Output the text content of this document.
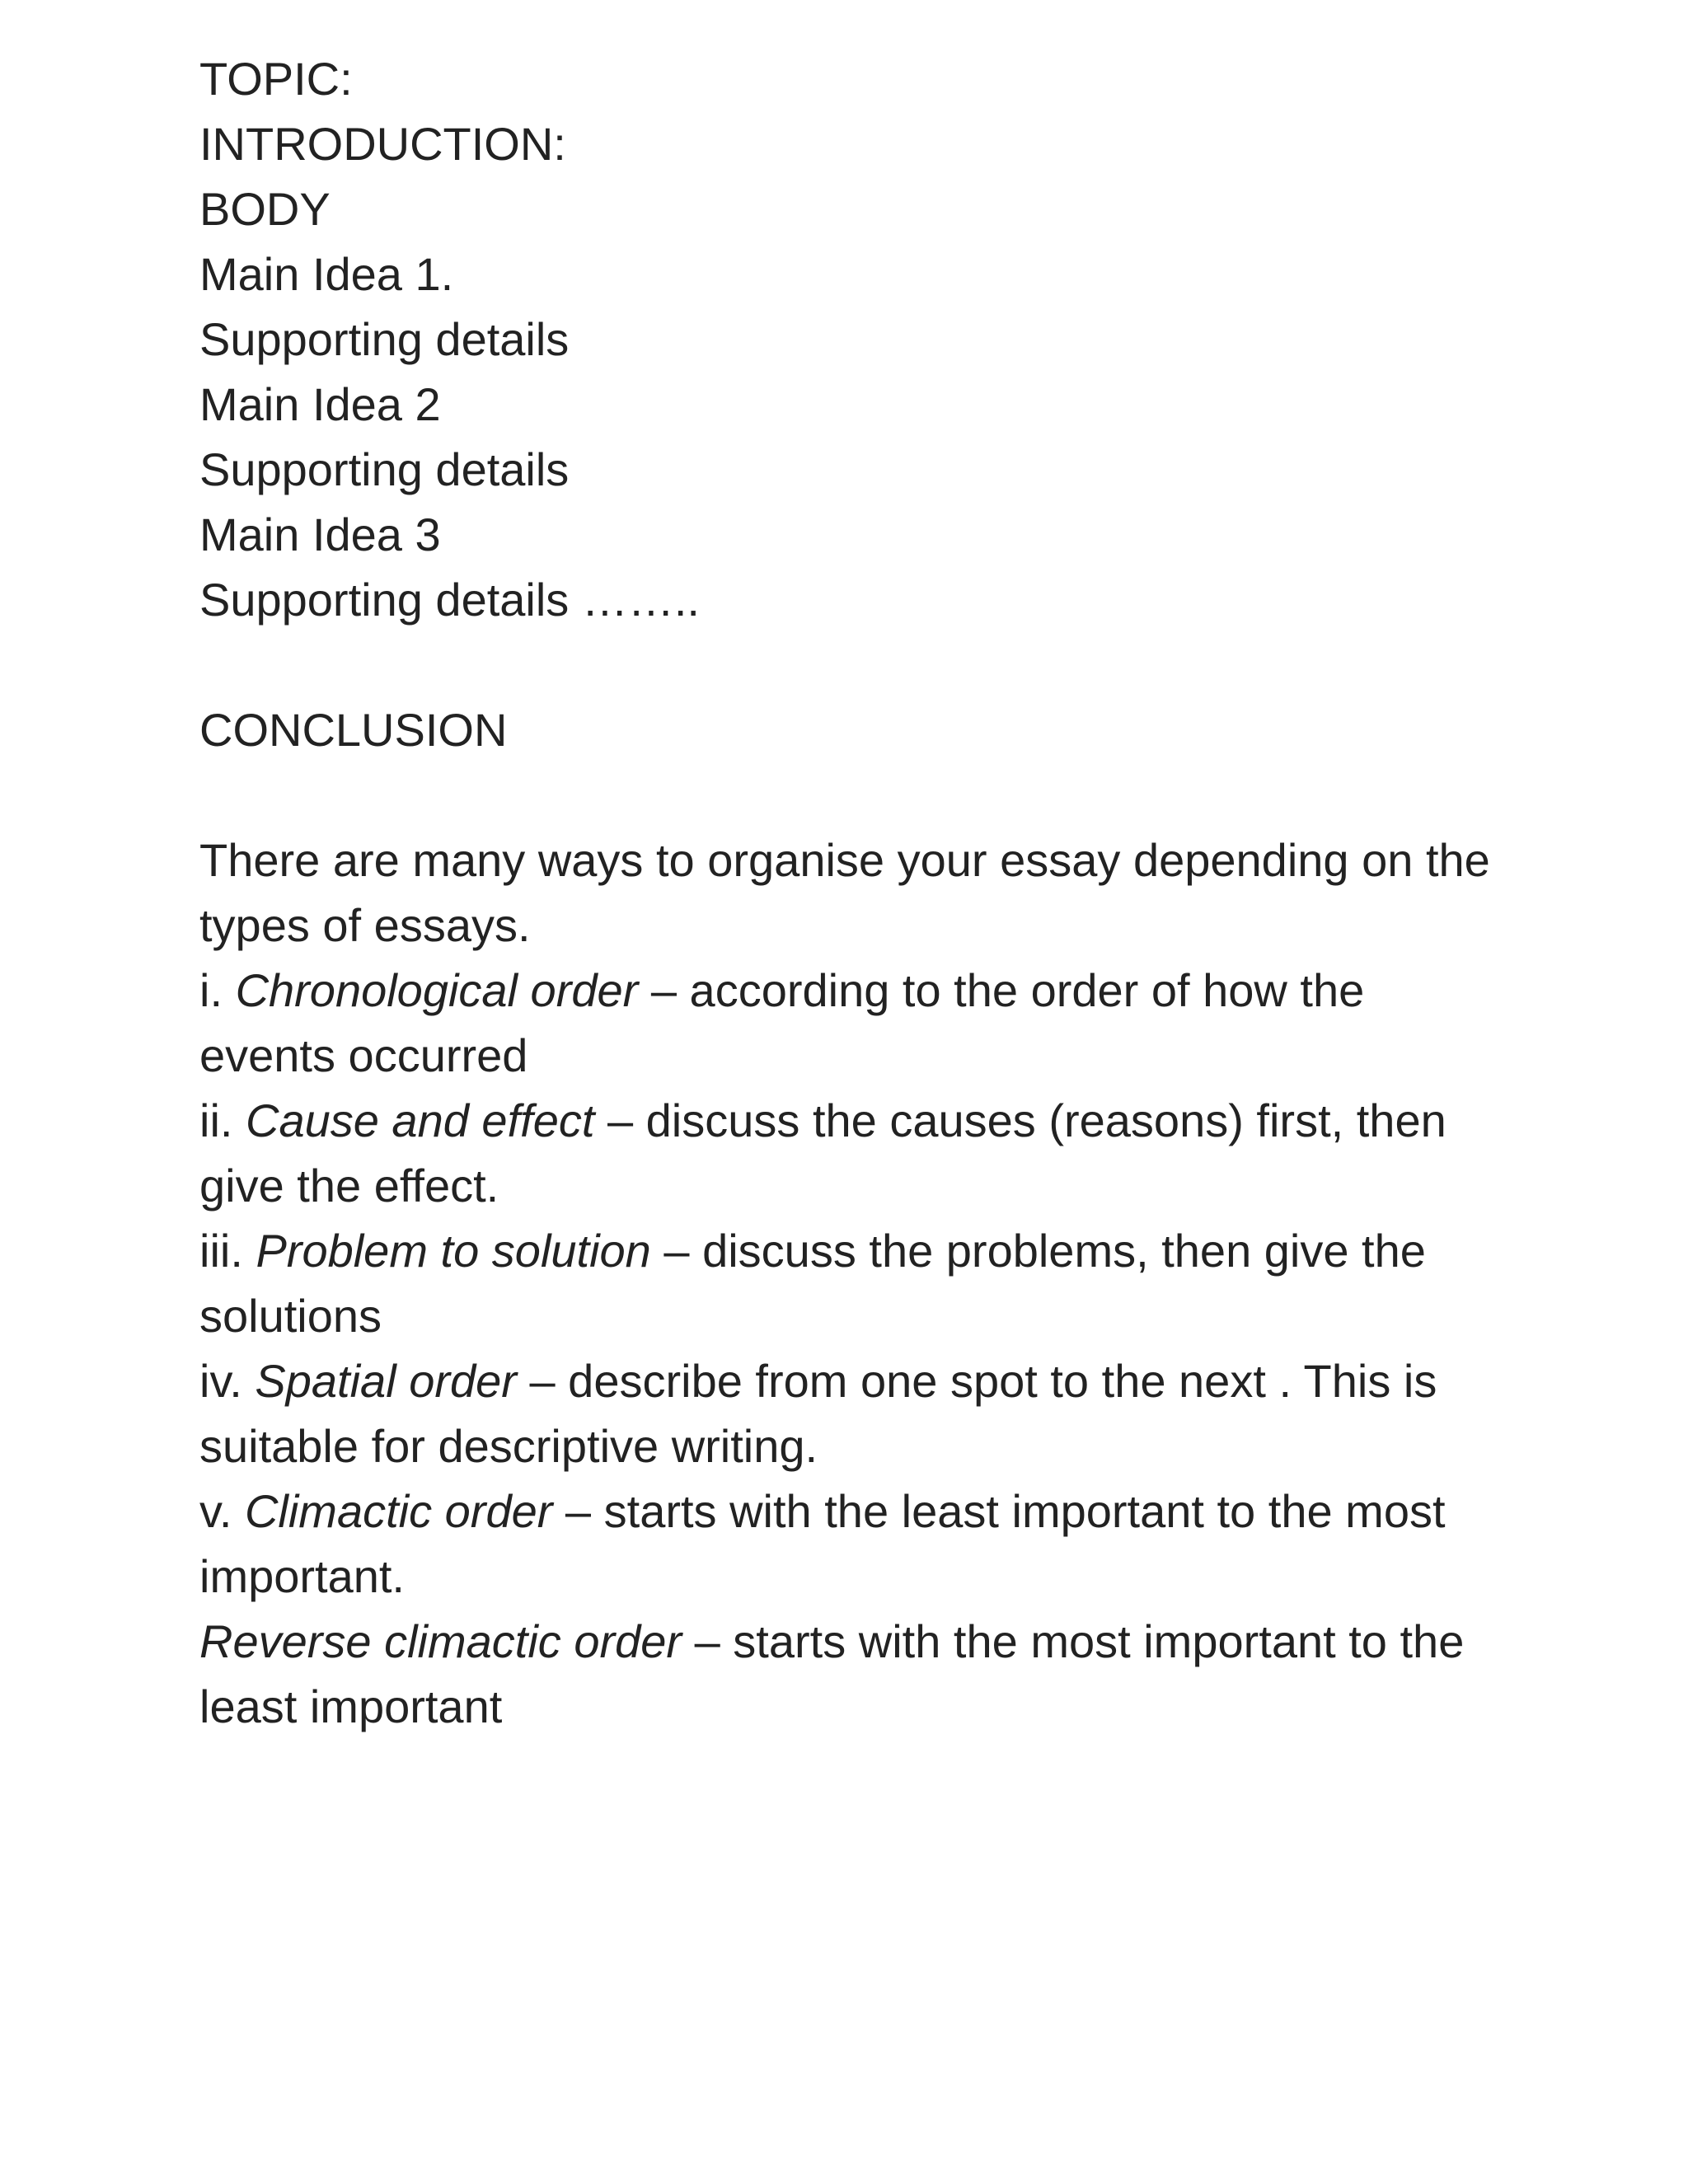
TOPIC:
INTRODUCTION:
BODY
Main Idea 1.
Supporting details
Main Idea 2
Supporting details
Main Idea 3
Supporting details ……..
CONCLUSION
There are many ways to organise your essay depending on the types of essays.
i. Chronological order – according to the order of how the events occurred
ii. Cause and effect – discuss the causes (reasons) first, then give the effect.
iii. Problem to solution – discuss the problems, then give the solutions
iv. Spatial order – describe from one spot to the next . This is suitable for descriptive writing.
v. Climactic order – starts with the least important to the most important.
Reverse climactic order – starts with the most important to the least important
